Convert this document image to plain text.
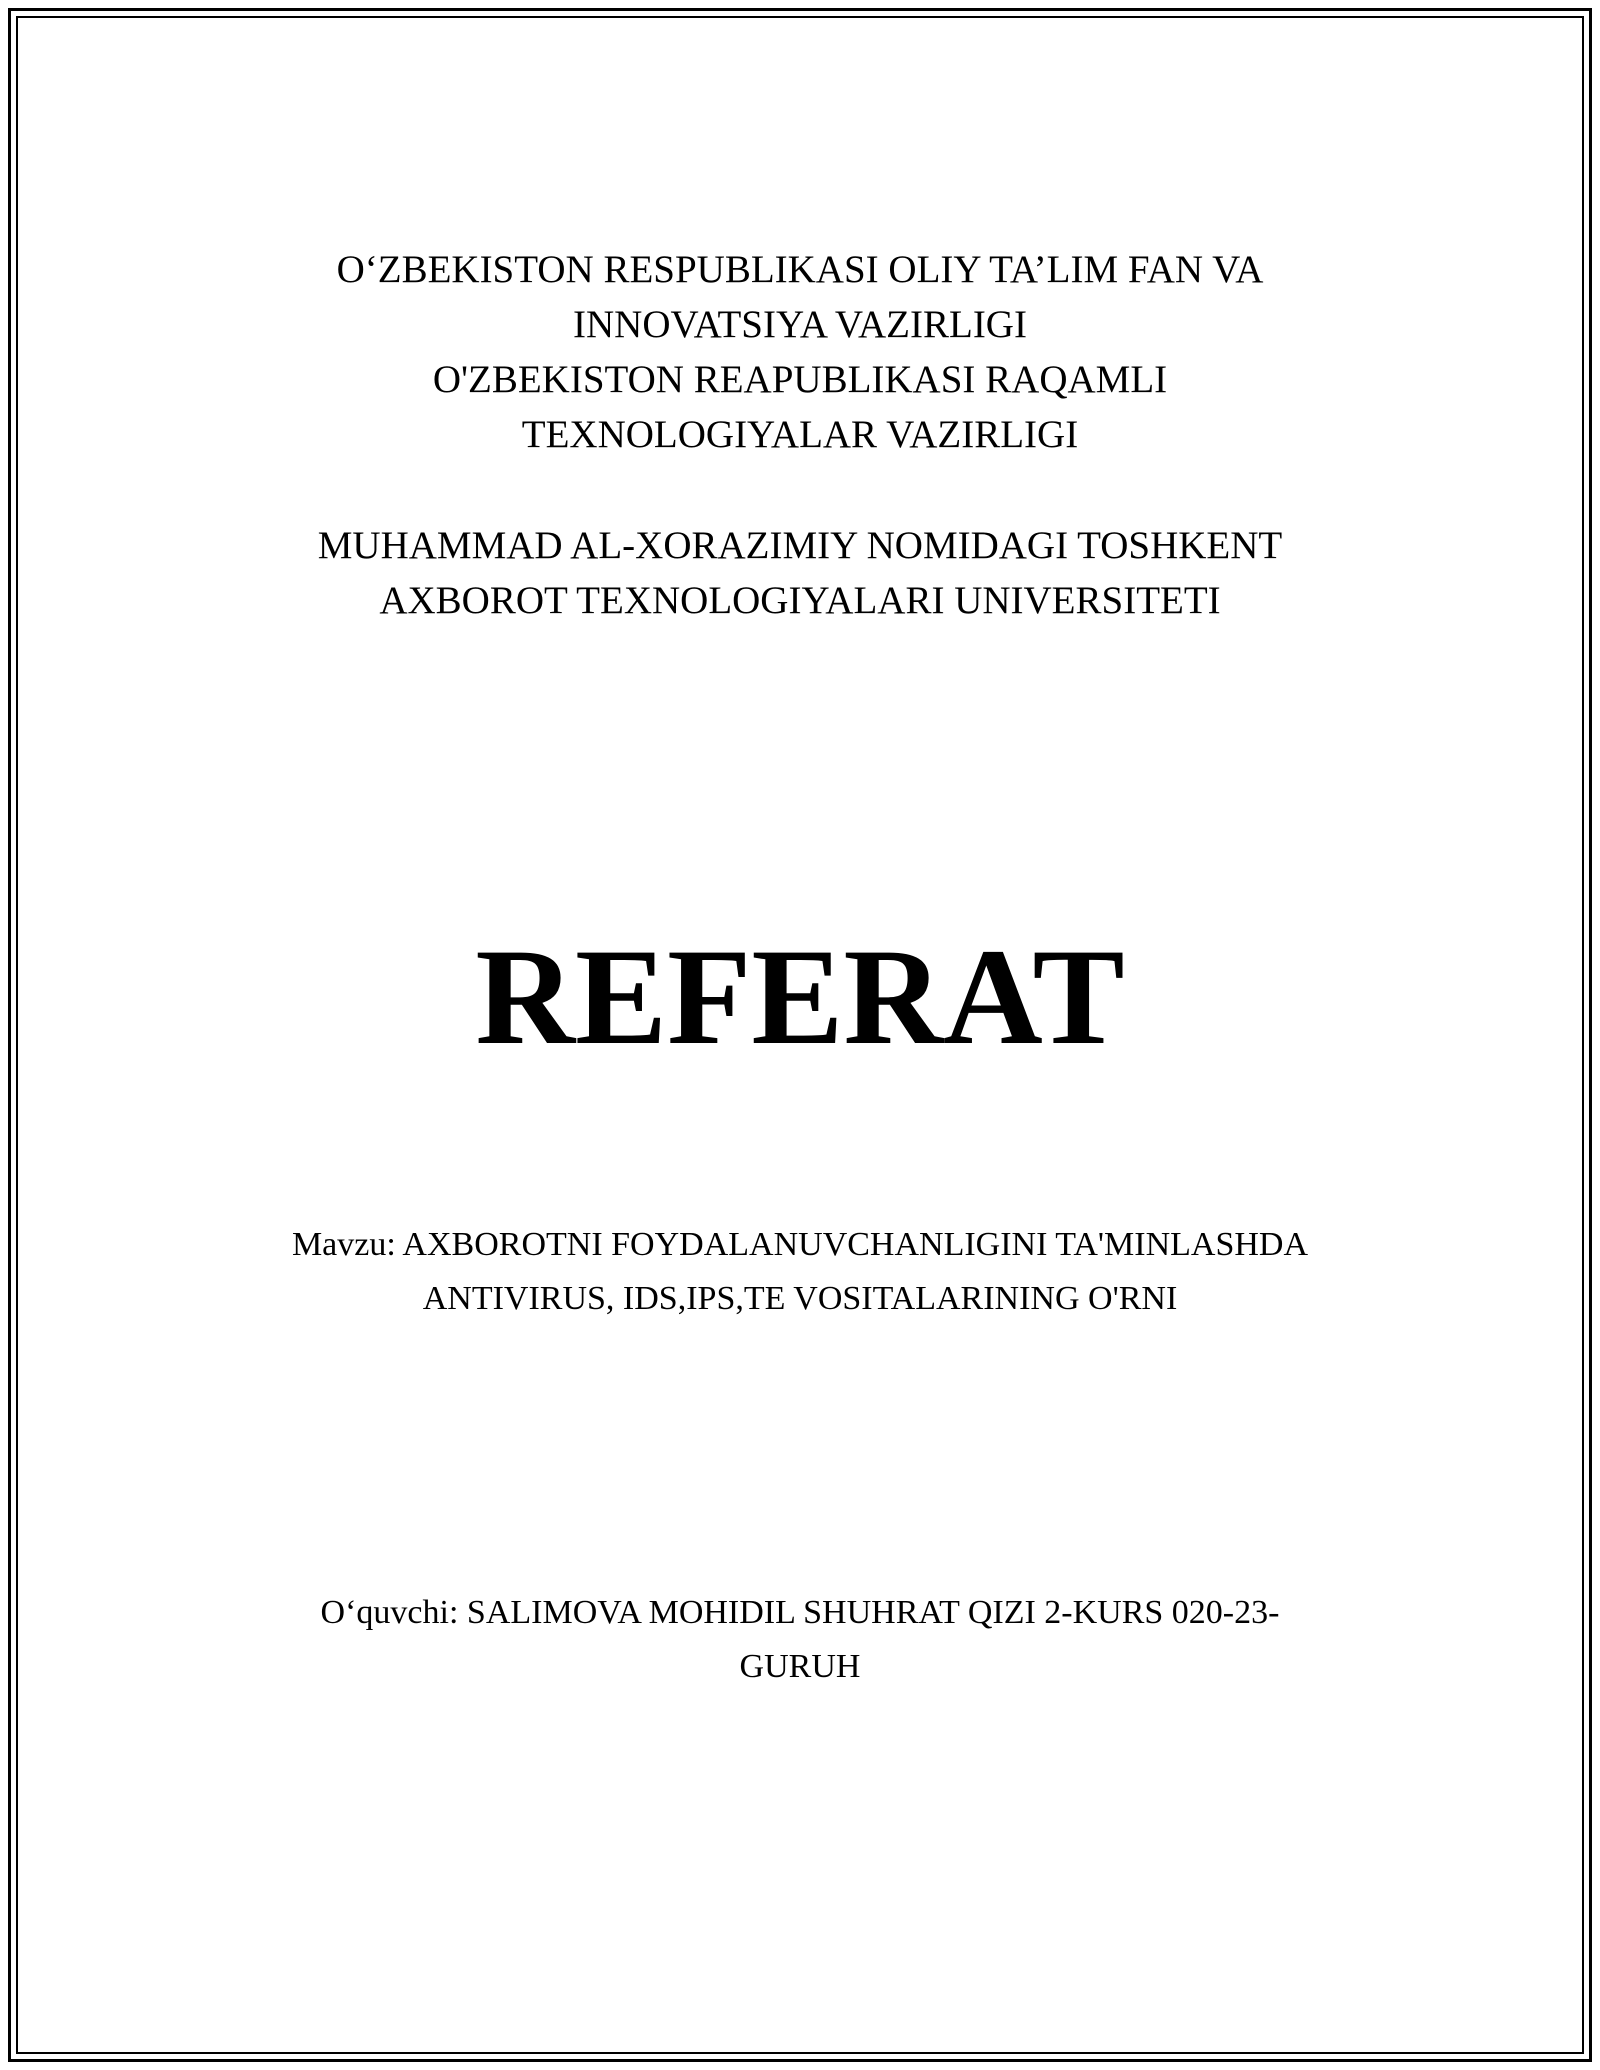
O‘ZBEKISTON RESPUBLIKASI OLIY TA’LIM FAN VA
INNOVATSIYA VAZIRLIGI
O'ZBEKISTON REAPUBLIKASI RAQAMLI
TEXNOLOGIYALAR VAZIRLIGI
MUHAMMAD AL-XORAZIMIY NOMIDAGI TOSHKENT
AXBOROT TEXNOLOGIYALARI UNIVERSITETI
REFERAT
Mavzu: AXBOROTNI FOYDALANUVCHANLIGINI TA'MINLASHDA
ANTIVIRUS, IDS,IPS,TE VOSITALARINING O'RNI
O‘quvchi: SALIMOVA MOHIDIL SHUHRAT QIZI 2-KURS 020-23-
GURUH
